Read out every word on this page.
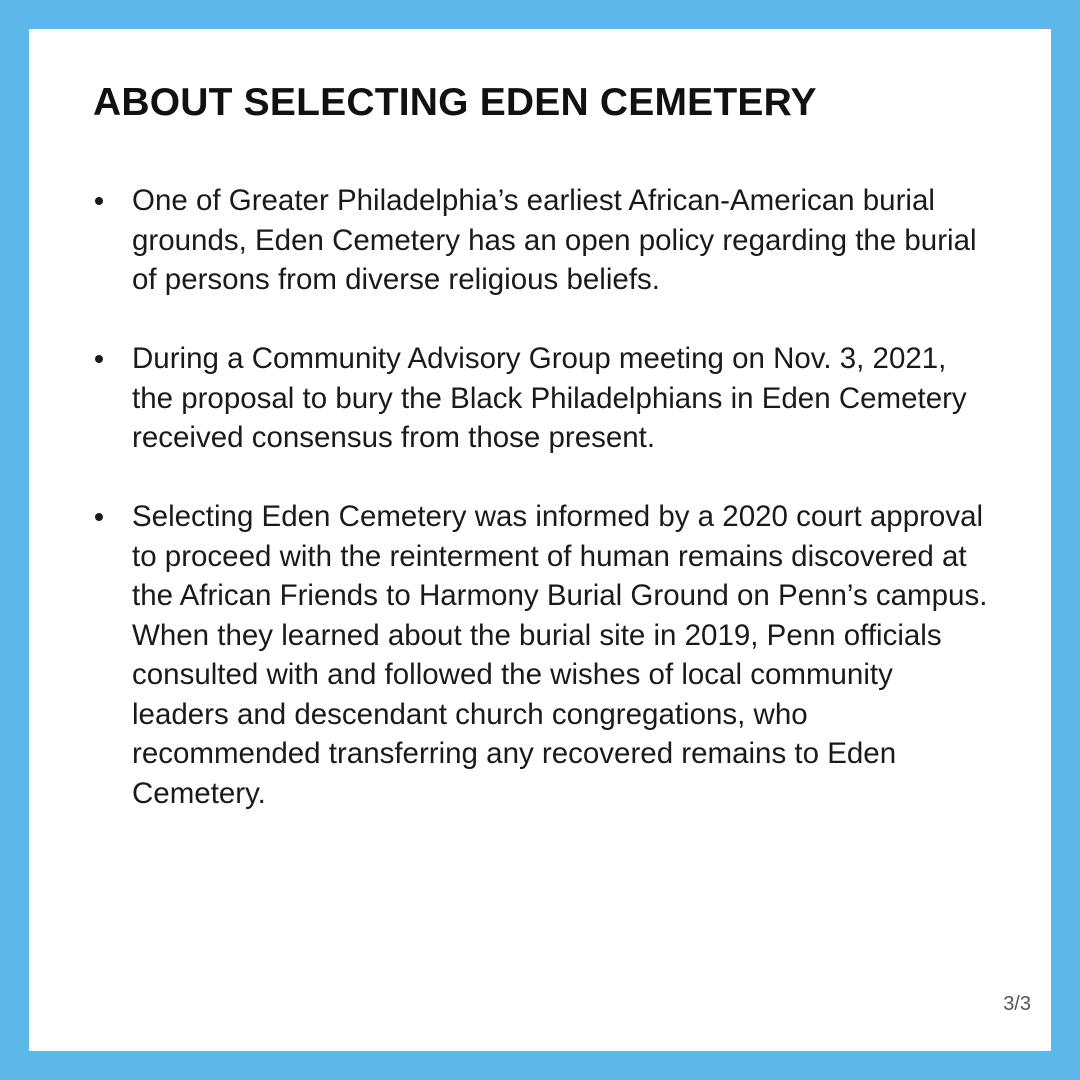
ABOUT SELECTING EDEN CEMETERY
One of Greater Philadelphia’s earliest African-American burial grounds, Eden Cemetery has an open policy regarding the burial of persons from diverse religious beliefs.
During a Community Advisory Group meeting on Nov. 3, 2021, the proposal to bury the Black Philadelphians in Eden Cemetery received consensus from those present.
Selecting Eden Cemetery was informed by a 2020 court approval to proceed with the reinterment of human remains discovered at the African Friends to Harmony Burial Ground on Penn’s campus. When they learned about the burial site in 2019, Penn officials consulted with and followed the wishes of local community leaders and descendant church congregations, who recommended transferring any recovered remains to Eden Cemetery.
3/3
